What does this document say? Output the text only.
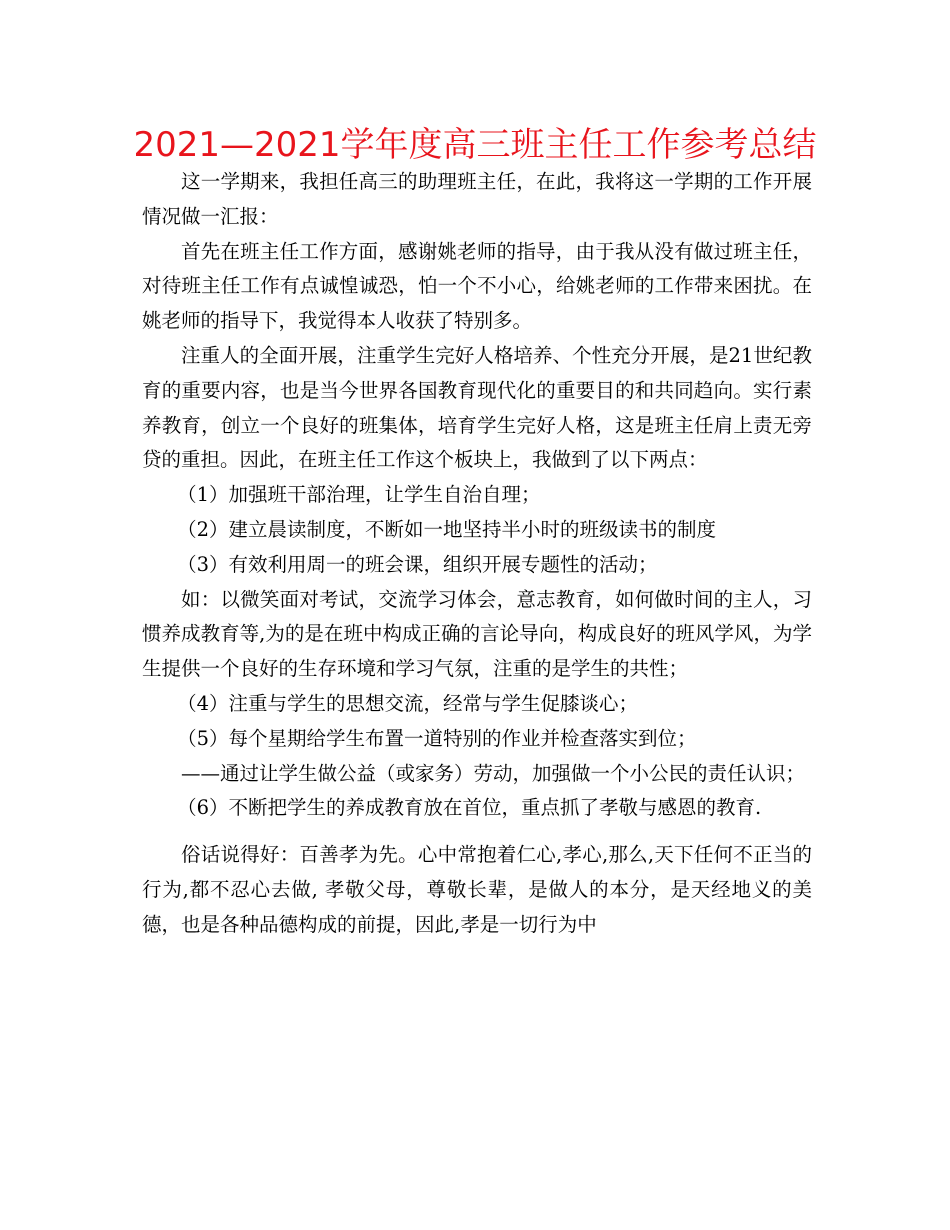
2021—2021学年度高三班主任工作参考总结

这一学期来，我担任高三的助理班主任，在此，我将这一学期的工作开展情况做一汇报：

首先在班主任工作方面，感谢姚老师的指导，由于我从没有做过班主任，对待班主任工作有点诚惶诚恐，怕一个不小心，给姚老师的工作带来困扰。在姚老师的指导下，我觉得本人收获了特别多。

注重人的全面开展，注重学生完好人格培养、个性充分开展，是21世纪教育的重要内容，也是当今世界各国教育现代化的重要目的和共同趋向。实行素养教育，创立一个良好的班集体，培育学生完好人格，这是班主任肩上责无旁贷的重担。因此，在班主任工作这个板块上，我做到了以下两点：

（1）加强班干部治理，让学生自治自理；

（2）建立晨读制度，不断如一地坚持半小时的班级读书的制度

（3）有效利用周一的班会课，组织开展专题性的活动；

如：以微笑面对考试，交流学习体会，意志教育，如何做时间的主人，习惯养成教育等,为的是在班中构成正确的言论导向，构成良好的班风学风，为学生提供一个良好的生存环境和学习气氛，注重的是学生的共性；

（4）注重与学生的思想交流，经常与学生促膝谈心；

（5）每个星期给学生布置一道特别的作业并检查落实到位；

——通过让学生做公益（或家务）劳动，加强做一个小公民的责任认识；

（6）不断把学生的养成教育放在首位，重点抓了孝敬与感恩的教育.

俗话说得好：百善孝为先。心中常抱着仁心,孝心,那么,天下任何不正当的行为,都不忍心去做, 孝敬父母，尊敬长辈，是做人的本分，是天经地义的美德，也是各种品德构成的前提，因此,孝是一切行为中
